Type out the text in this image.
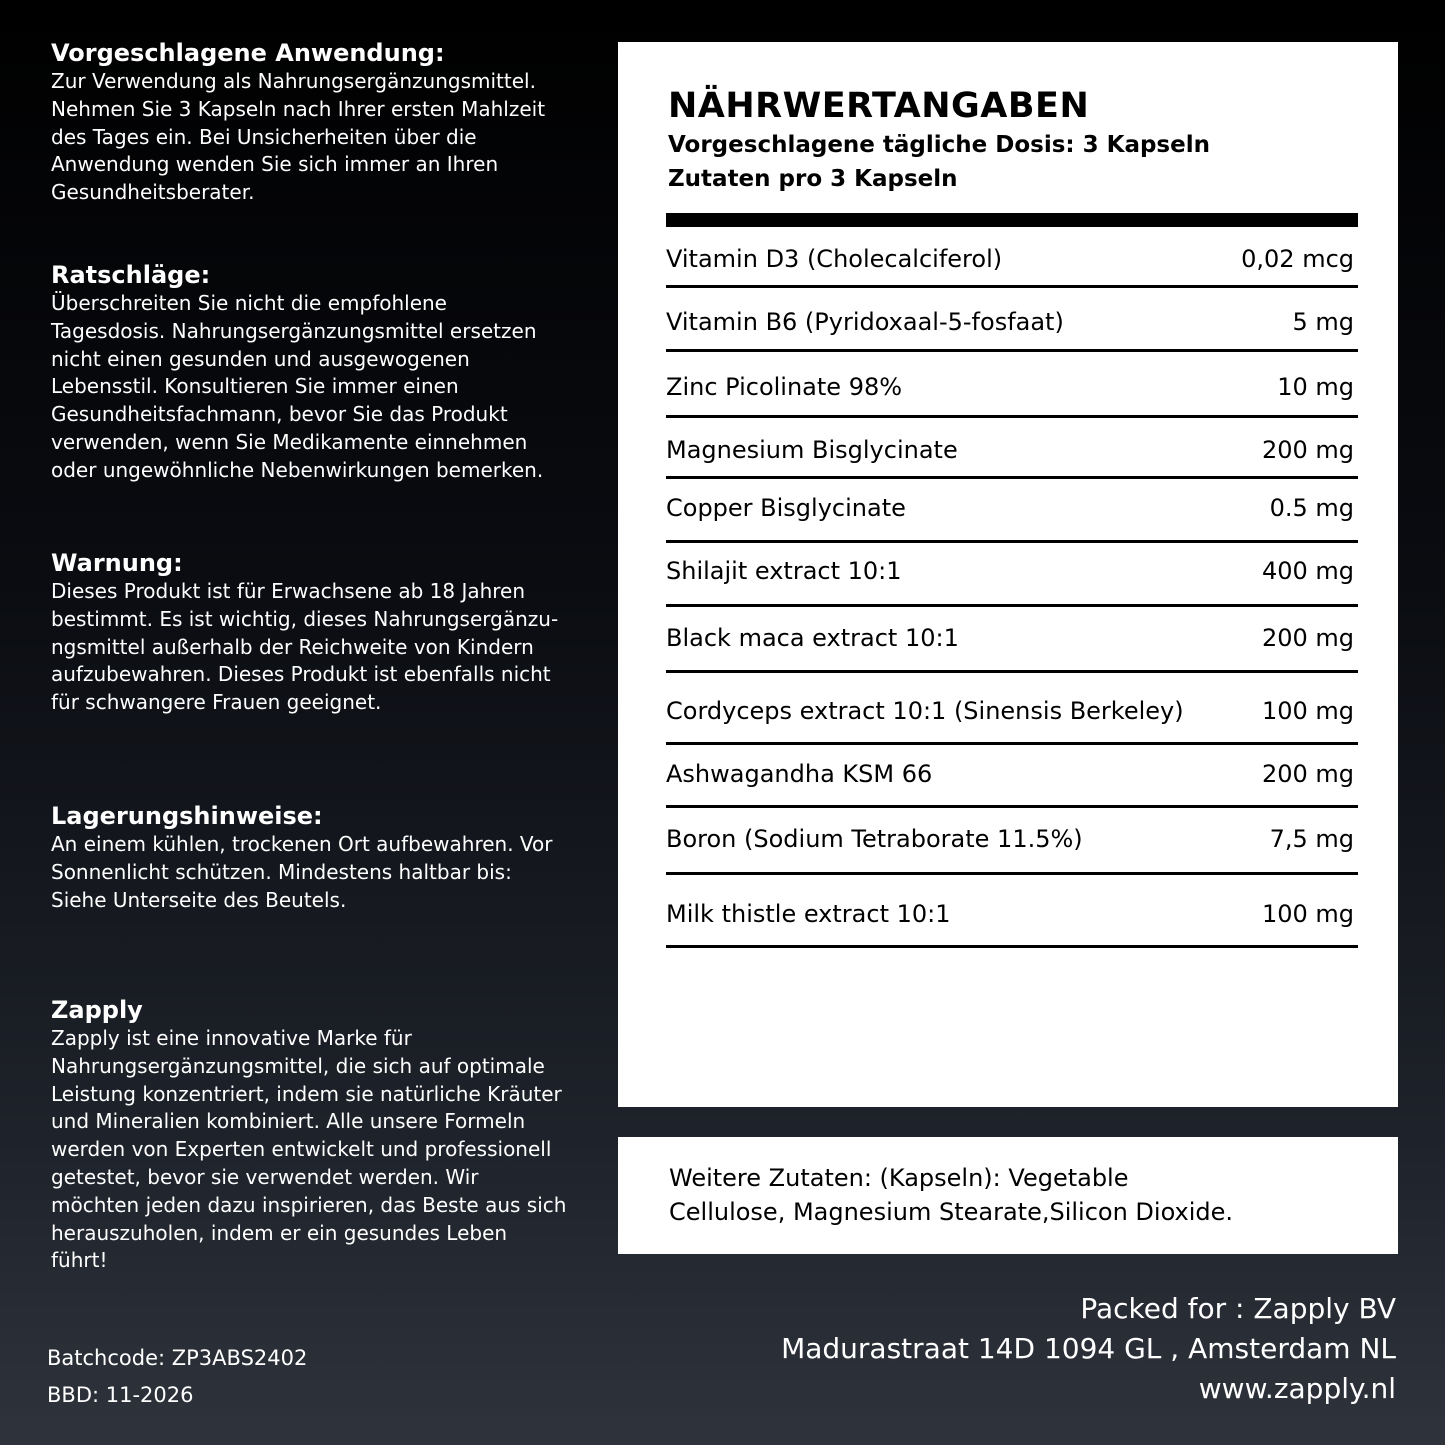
Vorgeschlagene Anwendung:
Zur Verwendung als Nahrungsergänzungsmittel.
Nehmen Sie 3 Kapseln nach Ihrer ersten Mahlzeit
des Tages ein. Bei Unsicherheiten über die
Anwendung wenden Sie sich immer an Ihren
Gesundheitsberater.
Ratschläge:
Überschreiten Sie nicht die empfohlene
Tagesdosis. Nahrungsergänzungsmittel ersetzen
nicht einen gesunden und ausgewogenen
Lebensstil. Konsultieren Sie immer einen
Gesundheitsfachmann, bevor Sie das Produkt
verwenden, wenn Sie Medikamente einnehmen
oder ungewöhnliche Nebenwirkungen bemerken.
Warnung:
Dieses Produkt ist für Erwachsene ab 18 Jahren
bestimmt. Es ist wichtig, dieses Nahrungsergänzu-
ngsmittel außerhalb der Reichweite von Kindern
aufzubewahren. Dieses Produkt ist ebenfalls nicht
für schwangere Frauen geeignet.
Lagerungshinweise:
An einem kühlen, trockenen Ort aufbewahren. Vor
Sonnenlicht schützen. Mindestens haltbar bis:
Siehe Unterseite des Beutels.
Zapply
Zapply ist eine innovative Marke für
Nahrungsergänzungsmittel, die sich auf optimale
Leistung konzentriert, indem sie natürliche Kräuter
und Mineralien kombiniert. Alle unsere Formeln
werden von Experten entwickelt und professionell
getestet, bevor sie verwendet werden. Wir
möchten jeden dazu inspirieren, das Beste aus sich
herauszuholen, indem er ein gesundes Leben
führt!
Batchcode: ZP3ABS2402
BBD: 11-2026
NÄHRWERTANGABEN
Vorgeschlagene tägliche Dosis: 3 Kapseln
Zutaten pro 3 Kapseln
Vitamin D3 (Cholecalciferol)	0,02 mcg
Vitamin B6 (Pyridoxaal-5-fosfaat)	5 mg
Zinc Picolinate 98%	10 mg
Magnesium Bisglycinate	200 mg
Copper Bisglycinate	0.5 mg
Shilajit extract 10:1	400 mg
Black maca extract 10:1	200 mg
Cordyceps extract 10:1 (Sinensis Berkeley)	100 mg
Ashwagandha KSM 66	200 mg
Boron (Sodium Tetraborate 11.5%)	7,5 mg
Milk thistle extract 10:1	100 mg
Weitere Zutaten: (Kapseln): Vegetable
Cellulose, Magnesium Stearate,Silicon Dioxide.
Packed for : Zapply BV
Madurastraat 14D 1094 GL , Amsterdam NL
www.zapply.nl
